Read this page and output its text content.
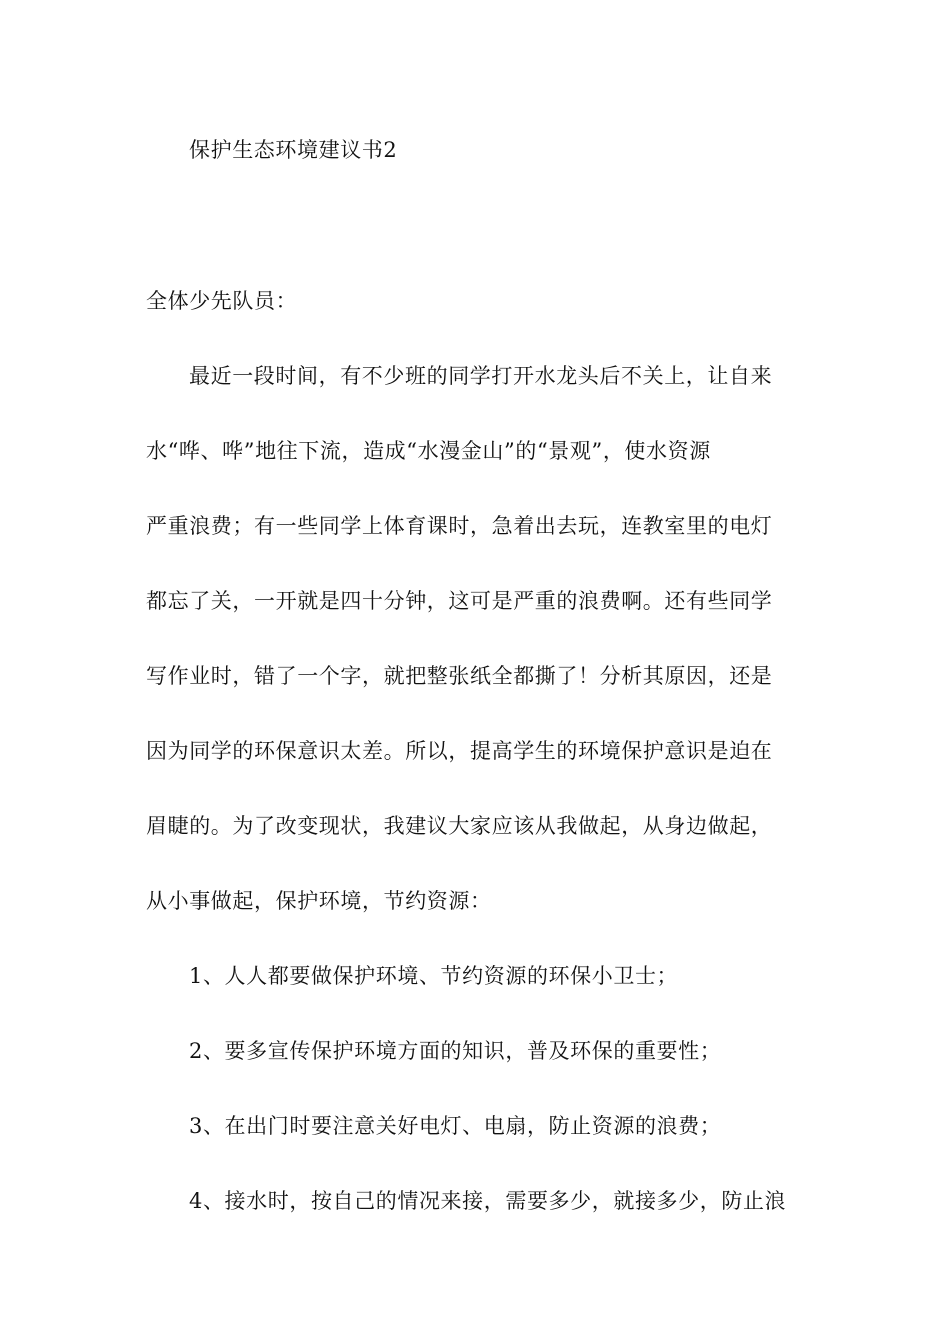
保护生态环境建议书2
全体少先队员：
最近一段时间，有不少班的同学打开水龙头后不关上，让自来
水“哗、哗”地往下流，造成“水漫金山”的“景观”，使水资源
严重浪费；有一些同学上体育课时，急着出去玩，连教室里的电灯
都忘了关，一开就是四十分钟，这可是严重的浪费啊。还有些同学
写作业时，错了一个字，就把整张纸全都撕了！分析其原因，还是
因为同学的环保意识太差。所以，提高学生的环境保护意识是迫在
眉睫的。为了改变现状，我建议大家应该从我做起，从身边做起，
从小事做起，保护环境，节约资源：
1、人人都要做保护环境、节约资源的环保小卫士；
2、要多宣传保护环境方面的知识，普及环保的重要性；
3、在出门时要注意关好电灯、电扇，防止资源的浪费；
4、接水时，按自己的情况来接，需要多少，就接多少，防止浪
